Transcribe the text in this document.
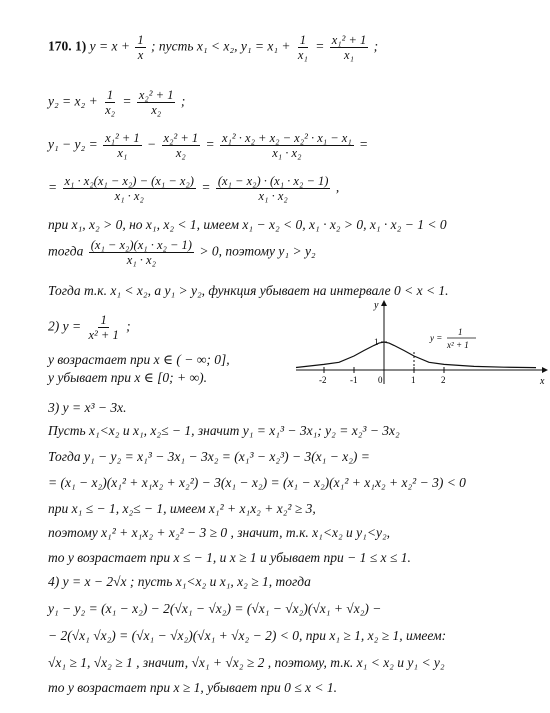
170. 1) $y = x + \frac{1}{x}$ ; пусть x₁ < x₂, $y_1 = x_1 + \frac{1}{\text{x₁}} = \frac{\text{x₁² + 1}}{\text{x₁}}$ ;
$y_2 = x_2 + \frac{1}{\text{x₂}} = \frac{\text{x₂² + 1}}{\text{x₂}}$ ;
$y_1 - y_2 = \frac{\text{x₁² + 1}}{\text{x₁}} - \frac{\text{x₂² + 1}}{\text{x₂}} = \frac{\text{x₁² · x₂ + x₂ − x₂² · x₁ − x₁}}{\text{x₁ · x₂}}$ =
= $\frac{\text{x₁ · x₂(x₁ − x₂) − (x₁ − x₂)}}{\text{x₁ · x₂}} = \frac{\text{(x₁ − x₂) · (x₁ · x₂ − 1)}}{\text{x₁ · x₂}}$ ,
при x₁, x₂ > 0, но x₁, x₂ < 1, имеем x₁ − x₂ < 0, x₁ · x₂ > 0, x₁ · x₂ − 1 < 0
тогда $\frac{\text{(x₁ − x₂)(x₁ · x₂ − 1)}}{\text{x₁ · x₂}} > 0$, поэтому y₁ > y₂
Тогда т.к. x₁ < x₂, а y₁ > y₂, функция убывает на интервале 0 < x < 1.
2) $y = \frac{1}{\text{x² + 1}}$ ;
y возрастает при x ∈ ( − ∞; 0],
y убывает при x ∈ [0; + ∞).
y
x
1
-2	-1 0	1	2
y =
1
x² + 1
3) y = x³ − 3x.
Пусть x₁<x₂ и x₁, x₂≤ − 1, значит y₁ = x₁³ − 3x₁; y₂ = x₂³ − 3x₂
Тогда y₁ − y₂ = x₁³ − 3x₁ − 3x₂ = (x₁³ − x₂³) − 3(x₁ − x₂) =
= (x₁ − x₂)(x₁² + x₁x₂ + x₂²) − 3(x₁ − x₂) = (x₁ − x₂)(x₁² + x₁x₂ + x₂² − 3) < 0
при x₁ ≤ − 1, x₂≤ − 1, имеем x₁² + x₁x₂ + x₂² ≥ 3,
поэтому x₁² + x₁x₂ + x₂² − 3 ≥ 0 , значит, т.к. x₁<x₂ и y₁<y₂,
то y возрастает при x ≤ − 1, и x ≥ 1 и убывает при − 1 ≤ x ≤ 1.
4) y = x − 2√x ; пусть x₁<x₂ и x₁, x₂ ≥ 1, тогда
y₁ − y₂ = (x₁ − x₂) − 2(√x₁ − √x₂) = (√x₁ − √x₂)(√x₁ + √x₂) −
− 2(√x₁ √x₂) = (√x₁ − √x₂)(√x₁ + √x₂ − 2) < 0, при x₁ ≥ 1, x₂ ≥ 1, имеем:
√x₁ ≥ 1, √x₂ ≥ 1 , значит, √x₁ + √x₂ ≥ 2 , поэтому, т.к. x₁ < x₂ и y₁ < y₂
то y возрастает при x ≥ 1, убывает при 0 ≤ x < 1.
